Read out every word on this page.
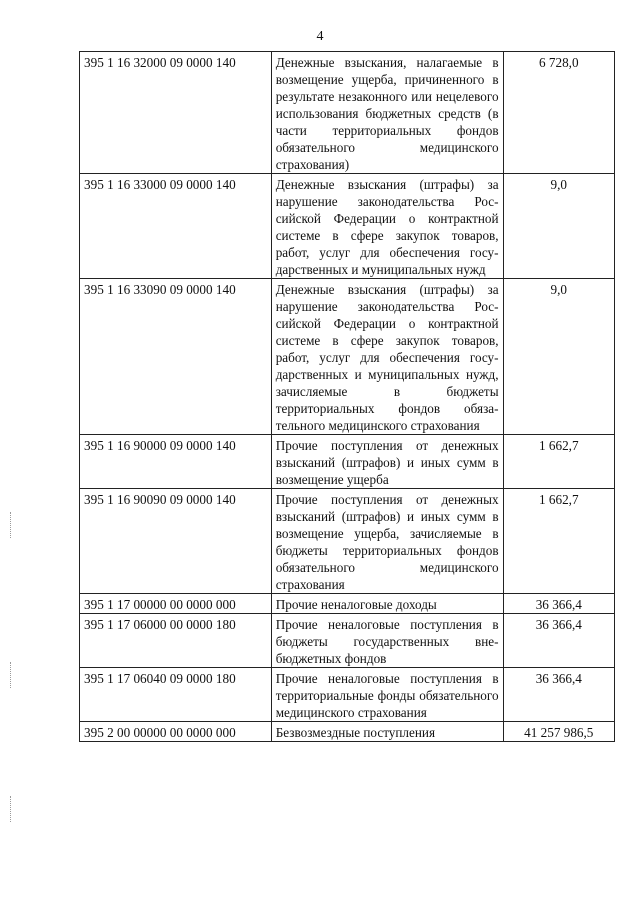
4
395 1 16 32000 09 0000 140	Денежные взыскания, налагаемые в возмещение ущерба, причиненного в результате незаконного или нецелевого использования бюджетных средств (в части территориальных фондов обязательного медицинского страхования)	6 728,0
395 1 16 33000 09 0000 140	Денежные взыскания (штрафы) за нарушение законодательства Российской Федерации о контрактной системе в сфере закупок товаров, работ, услуг для обеспечения государственных и муниципальных нужд	9,0
395 1 16 33090 09 0000 140	Денежные взыскания (штрафы) за нарушение законодательства Российской Федерации о контрактной системе в сфере закупок товаров, работ, услуг для обеспечения государственных и муниципальных нужд, зачисляемые в бюджеты территориальных фондов обязательного медицинского страхования	9,0
395 1 16 90000 09 0000 140	Прочие поступления от денежных взысканий (штрафов) и иных сумм в возмещение ущерба	1 662,7
395 1 16 90090 09 0000 140	Прочие поступления от денежных взысканий (штрафов) и иных сумм в возмещение ущерба, зачисляемые в бюджеты территориальных фондов обязательного медицинского страхования	1 662,7
395 1 17 00000 00 0000 000	Прочие неналоговые доходы	36 366,4
395 1 17 06000 00 0000 180	Прочие неналоговые поступления в бюджеты государственных внебюджетных фондов	36 366,4
395 1 17 06040 09 0000 180	Прочие неналоговые поступления в территориальные фонды обязательного медицинского страхования	36 366,4
395 2 00 00000 00 0000 000	Безвозмездные поступления	41 257 986,5
